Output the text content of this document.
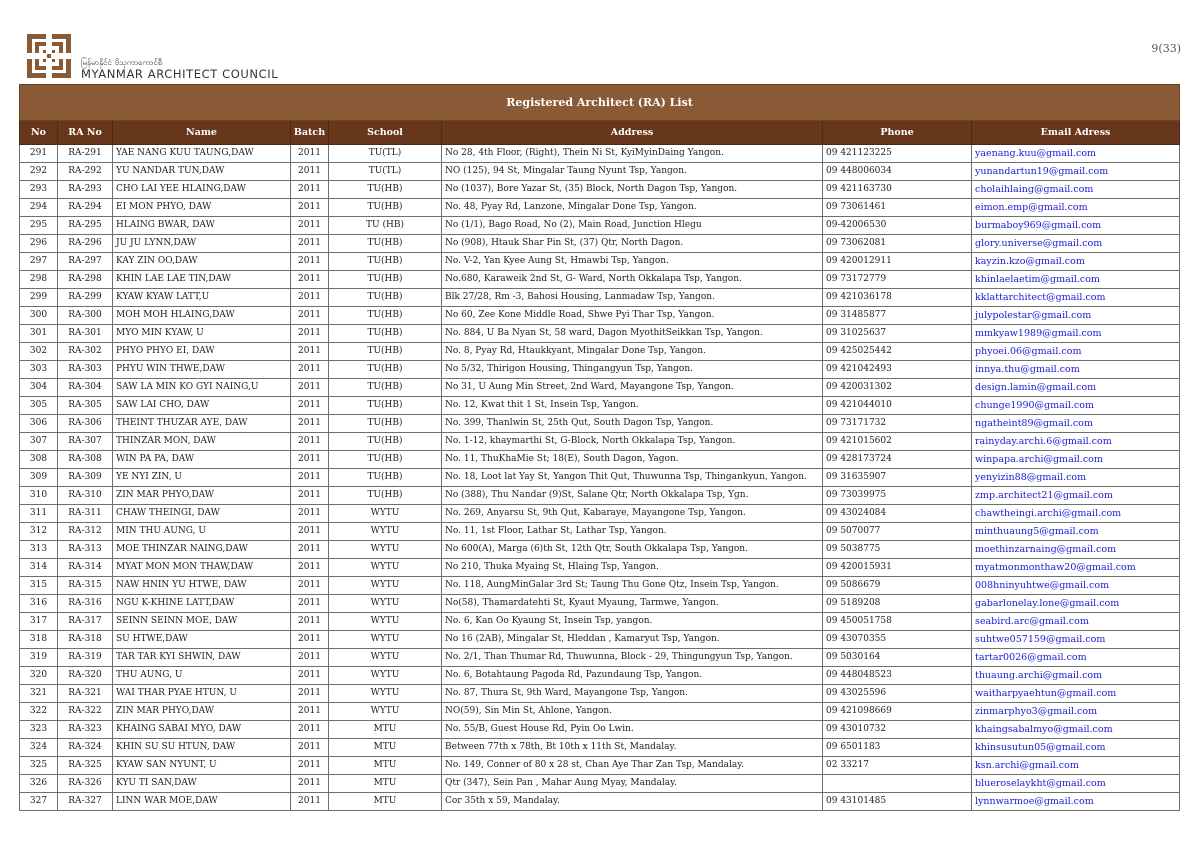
မြန်မာနိုင်ငံ ဗိသုကာကောင်စီ
MYANMAR ARCHITECT COUNCIL
9(33)
Registered Architect (RA) List							
No	RA No	Name	Batch	School	Address	Phone	Email Adress
291	RA-291	YAE NANG KUU TAUNG,DAW	2011	TU(TL)	No 28, 4th Floor, (Right), Thein Ni St, KyiMyinDaing Yangon.	09 421123225	yaenang.kuu@gmail.com
292	RA-292	YU NANDAR TUN,DAW	2011	TU(TL)	NO (125), 94 St, Mingalar Taung Nyunt Tsp, Yangon.	09 448006034	yunandartun19@gmail.com
293	RA-293	CHO LAI YEE HLAING,DAW	2011	TU(HB)	No (1037), Bore Yazar St, (35) Block, North Dagon Tsp, Yangon.	09 421163730	cholaihlaing@gmail.com
294	RA-294	EI MON PHYO, DAW	2011	TU(HB)	No. 48, Pyay Rd, Lanzone, Mingalar Done Tsp, Yangon.	09 73061461	eimon.emp@gmail.com
295	RA-295	HLAING BWAR, DAW	2011	TU (HB)	No (1/1), Bago Road, No (2), Main Road, Junction Hlegu	09-42006530	burmaboy969@gmail.com
296	RA-296	JU JU LYNN,DAW	2011	TU(HB)	No (908), Htauk Shar Pin St, (37) Qtr, North Dagon.	09 73062081	glory.universe@gmail.com
297	RA-297	KAY ZIN OO,DAW	2011	TU(HB)	No. V-2, Yan Kyee Aung St, Hmawbi Tsp, Yangon.	09 420012911	kayzin.kzo@gmail.com
298	RA-298	KHIN LAE LAE TIN,DAW	2011	TU(HB)	No.680, Karaweik 2nd St, G- Ward, North Okkalapa Tsp, Yangon.	09 73172779	khinlaelaetim@gmail.com
299	RA-299	KYAW KYAW LATT,U	2011	TU(HB)	Blk 27/28, Rm -3, Bahosi Housing, Lanmadaw Tsp, Yangon.	09 421036178	kklattarchitect@gmail.com
300	RA-300	MOH MOH HLAING,DAW	2011	TU(HB)	No 60, Zee Kone Middle Road, Shwe Pyi Thar Tsp, Yangon.	09 31485877	julypolestar@gmail.com
301	RA-301	MYO MIN KYAW, U	2011	TU(HB)	No. 884, U Ba Nyan St, 58 ward, Dagon MyothitSeikkan Tsp, Yangon.	09 31025637	mmkyaw1989@gmail.com
302	RA-302	PHYO PHYO EI, DAW	2011	TU(HB)	No. 8, Pyay Rd, Htaukkyant, Mingalar Done Tsp, Yangon.	09 425025442	phyoei.06@gmail.com
303	RA-303	PHYU WIN THWE,DAW	2011	TU(HB)	No 5/32, Thirigon Housing, Thingangyun Tsp, Yangon.	09 421042493	innya.thu@gmail.com
304	RA-304	SAW LA MIN KO GYI NAING,U	2011	TU(HB)	No 31, U Aung Min Street, 2nd Ward, Mayangone Tsp, Yangon.	09 420031302	design.lamin@gmail.com
305	RA-305	SAW LAI CHO, DAW	2011	TU(HB)	No. 12, Kwat thit 1 St, Insein Tsp, Yangon.	09 421044010	chunge1990@gmail.com
306	RA-306	THEINT THUZAR AYE, DAW	2011	TU(HB)	No. 399, Thanlwin St, 25th Qut, South Dagon Tsp, Yangon.	09 73171732	ngatheint89@gmail.com
307	RA-307	THINZAR MON, DAW	2011	TU(HB)	No. 1-12, khaymarthi St, G-Block, North Okkalapa Tsp, Yangon.	09 421015602	rainyday.archi.6@gmail.com
308	RA-308	WIN PA PA, DAW	2011	TU(HB)	No. 11, ThuKhaMie St; 18(E), South Dagon, Yagon.	09 428173724	winpapa.archi@gmail.com
309	RA-309	YE NYI ZIN, U	2011	TU(HB)	No. 18, Loot lat Yay St, Yangon Thit Qut, Thuwunna Tsp, Thingankyun, Yangon.	09 31635907	yenyizin88@gmail.com
310	RA-310	ZIN MAR PHYO,DAW	2011	TU(HB)	No (388), Thu Nandar (9)St, Salane Qtr, North Okkalapa Tsp, Ygn.	09 73039975	zmp.architect21@gmail.com
311	RA-311	CHAW THEINGI, DAW	2011	WYTU	No. 269, Anyarsu St, 9th Qut, Kabaraye, Mayangone Tsp, Yangon.	09 43024084	chawtheingi.archi@gmail.com
312	RA-312	MIN THU AUNG, U	2011	WYTU	No. 11, 1st Floor, Lathar St, Lathar Tsp, Yangon.	09 5070077	minthuaung5@gmail.com
313	RA-313	MOE THINZAR NAING,DAW	2011	WYTU	No 600(A), Marga (6)th St, 12th Qtr, South Okkalapa Tsp, Yangon.	09 5038775	moethinzarnaing@gmail.com
314	RA-314	MYAT MON MON THAW,DAW	2011	WYTU	No 210, Thuka Myaing St, Hlaing Tsp, Yangon.	09 420015931	myatmonmonthaw20@gmail.com
315	RA-315	NAW HNIN YU HTWE, DAW	2011	WYTU	No. 118, AungMinGalar 3rd St; Taung Thu Gone Qtz, Insein Tsp, Yangon.	09 5086679	008hninyuhtwe@gmail.com
316	RA-316	NGU K-KHINE LATT,DAW	2011	WYTU	No(58), Thamardatehti St, Kyaut Myaung, Tarmwe, Yangon.	09 5189208	gabarlonelay.lone@gmail.com
317	RA-317	SEINN SEINN MOE, DAW	2011	WYTU	No. 6, Kan Oo Kyaung St, Insein Tsp, yangon.	09 450051758	seabird.arc@gmail.com
318	RA-318	SU HTWE,DAW	2011	WYTU	No 16 (2AB), Mingalar St, Hleddan , Kamaryut Tsp, Yangon.	09 43070355	suhtwe057159@gmail.com
319	RA-319	TAR TAR KYI SHWIN, DAW	2011	WYTU	No. 2/1, Than Thumar Rd, Thuwunna, Block - 29, Thingungyun Tsp, Yangon.	09 5030164	tartar0026@gmail.com
320	RA-320	THU AUNG, U	2011	WYTU	No. 6, Botahtaung Pagoda Rd, Pazundaung Tsp, Yangon.	09 448048523	thuaung.archi@gmail.com
321	RA-321	WAI THAR PYAE HTUN, U	2011	WYTU	No. 87, Thura St, 9th Ward, Mayangone Tsp, Yangon.	09 43025596	waitharpyaehtun@gmail.com
322	RA-322	ZIN MAR PHYO,DAW	2011	WYTU	NO(59), Sin Min St, Ahlone, Yangon.	09 421098669	zinmarphyo3@gmail.com
323	RA-323	KHAING SABAI MYO, DAW	2011	MTU	No. 55/B, Guest House Rd, Pyin Oo Lwin.	09 43010732	khaingsabalmyo@gmail.com
324	RA-324	KHIN SU SU HTUN, DAW	2011	MTU	Between 77th x 78th, Bt 10th x 11th St, Mandalay.	09 6501183	khinsusutun05@gmail.com
325	RA-325	KYAW SAN NYUNT, U	2011	MTU	No. 149, Conner of 80 x 28 st, Chan Aye Thar Zan Tsp, Mandalay.	02 33217	ksn.archi@gmail.com
326	RA-326	KYU TI SAN,DAW	2011	MTU	Qtr (347), Sein Pan , Mahar Aung Myay, Mandalay.		blueroselaykht@gmail.com
327	RA-327	LINN WAR MOE,DAW	2011	MTU	Cor 35th x 59, Mandalay.	09 43101485	lynnwarmoe@gmail.com
